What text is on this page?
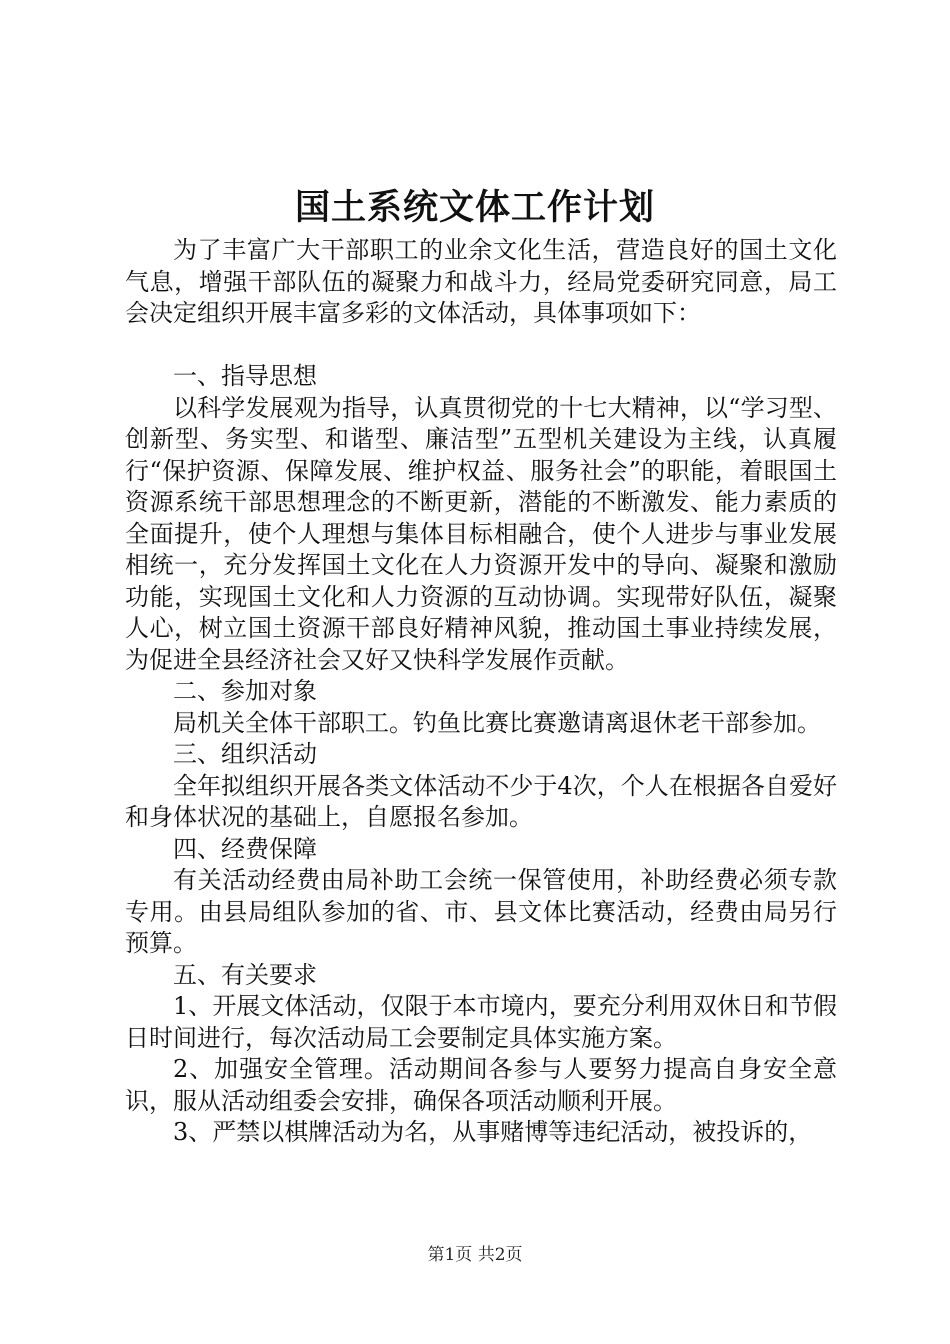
国土系统文体工作计划

为了丰富广大干部职工的业余文化生活，营造良好的国土文化气息，增强干部队伍的凝聚力和战斗力，经局党委研究同意，局工会决定组织开展丰富多彩的文体活动，具体事项如下：

一、指导思想

以科学发展观为指导，认真贯彻党的十七大精神，以“学习型、创新型、务实型、和谐型、廉洁型”五型机关建设为主线，认真履行“保护资源、保障发展、维护权益、服务社会”的职能，着眼国土资源系统干部思想理念的不断更新，潜能的不断激发、能力素质的全面提升，使个人理想与集体目标相融合，使个人进步与事业发展相统一，充分发挥国土文化在人力资源开发中的导向、凝聚和激励功能，实现国土文化和人力资源的互动协调。实现带好队伍，凝聚人心，树立国土资源干部良好精神风貌，推动国土事业持续发展，为促进全县经济社会又好又快科学发展作贡献。

二、参加对象

局机关全体干部职工。钓鱼比赛比赛邀请离退休老干部参加。

三、组织活动

全年拟组织开展各类文体活动不少于4次，个人在根据各自爱好和身体状况的基础上，自愿报名参加。

四、经费保障

有关活动经费由局补助工会统一保管使用，补助经费必须专款专用。由县局组队参加的省、市、县文体比赛活动，经费由局另行预算。

五、有关要求

1、开展文体活动，仅限于本市境内，要充分利用双休日和节假日时间进行，每次活动局工会要制定具体实施方案。

2、加强安全管理。活动期间各参与人要努力提高自身安全意识，服从活动组委会安排，确保各项活动顺利开展。

3、严禁以棋牌活动为名，从事赌博等违纪活动，被投诉的，

第1页 共2页
